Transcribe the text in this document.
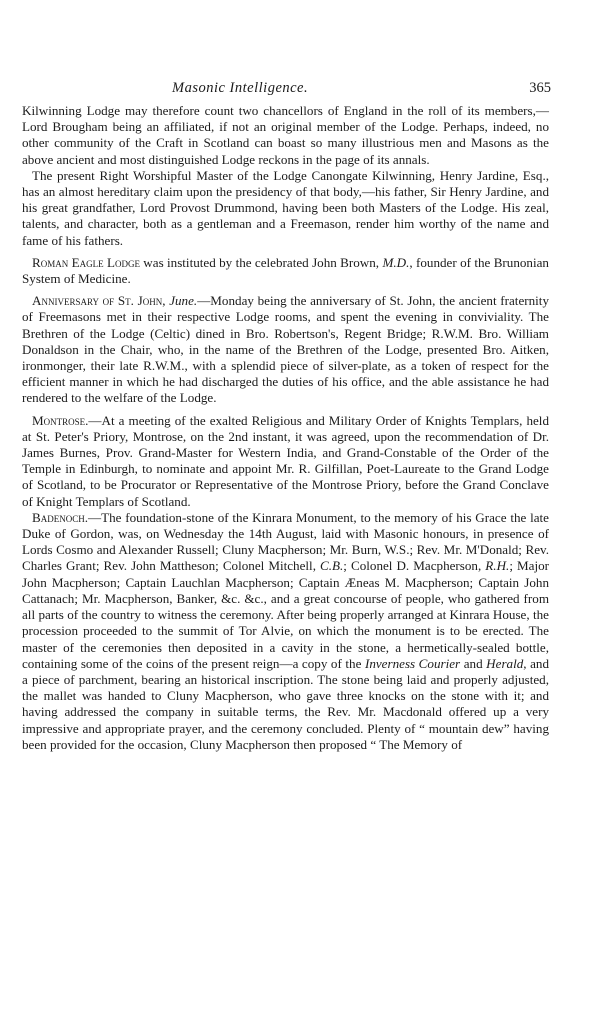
Masonic Intelligence.	365

Kilwinning Lodge may therefore count two chancellors of England in the roll of its members,—Lord Brougham being an affiliated, if not an original member of the Lodge. Perhaps, indeed, no other community of the Craft in Scotland can boast so many illustrious men and Masons as the above ancient and most distinguished Lodge reckons in the page of its annals.

The present Right Worshipful Master of the Lodge Canongate Kilwinning, Henry Jardine, Esq., has an almost hereditary claim upon the presidency of that body,—his father, Sir Henry Jardine, and his great grandfather, Lord Provost Drummond, having been both Masters of the Lodge. His zeal, talents, and character, both as a gentleman and a Freemason, render him worthy of the name and fame of his fathers.

Roman Eagle Lodge was instituted by the celebrated John Brown, M.D., founder of the Brunonian System of Medicine.

Anniversary of St. John, June.—Monday being the anniversary of St. John, the ancient fraternity of Freemasons met in their respective Lodge rooms, and spent the evening in conviviality. The Brethren of the Lodge (Celtic) dined in Bro. Robertson's, Regent Bridge; R.W.M. Bro. William Donaldson in the Chair, who, in the name of the Brethren of the Lodge, presented Bro. Aitken, ironmonger, their late R.W.M., with a splendid piece of silver-plate, as a token of respect for the efficient manner in which he had discharged the duties of his office, and the able assistance he had rendered to the welfare of the Lodge.

Montrose.—At a meeting of the exalted Religious and Military Order of Knights Templars, held at St. Peter's Priory, Montrose, on the 2nd instant, it was agreed, upon the recommendation of Dr. James Burnes, Prov. Grand-Master for Western India, and Grand-Constable of the Order of the Temple in Edinburgh, to nominate and appoint Mr. R. Gilfillan, Poet-Laureate to the Grand Lodge of Scotland, to be Procurator or Representative of the Montrose Priory, before the Grand Conclave of Knight Templars of Scotland.

Badenoch.—The foundation-stone of the Kinrara Monument, to the memory of his Grace the late Duke of Gordon, was, on Wednesday the 14th August, laid with Masonic honours, in presence of Lords Cosmo and Alexander Russell; Cluny Macpherson; Mr. Burn, W.S.; Rev. Mr. M'Donald; Rev. Charles Grant; Rev. John Mattheson; Colonel Mitchell, C.B.; Colonel D. Macpherson, R.H.; Major John Macpherson; Captain Lauchlan Macpherson; Captain Æneas M. Macpherson; Captain John Cattanach; Mr. Macpherson, Banker, &c. &c., and a great concourse of people, who gathered from all parts of the country to witness the ceremony. After being properly arranged at Kinrara House, the procession proceeded to the summit of Tor Alvie, on which the monument is to be erected. The master of the ceremonies then deposited in a cavity in the stone, a hermetically-sealed bottle, containing some of the coins of the present reign—a copy of the Inverness Courier and Herald, and a piece of parchment, bearing an historical inscription. The stone being laid and properly adjusted, the mallet was handed to Cluny Macpherson, who gave three knocks on the stone with it; and having addressed the company in suitable terms, the Rev. Mr. Macdonald offered up a very impressive and appropriate prayer, and the ceremony concluded. Plenty of “ mountain dew” having been provided for the occasion, Cluny Macpherson then proposed “ The Memory of
